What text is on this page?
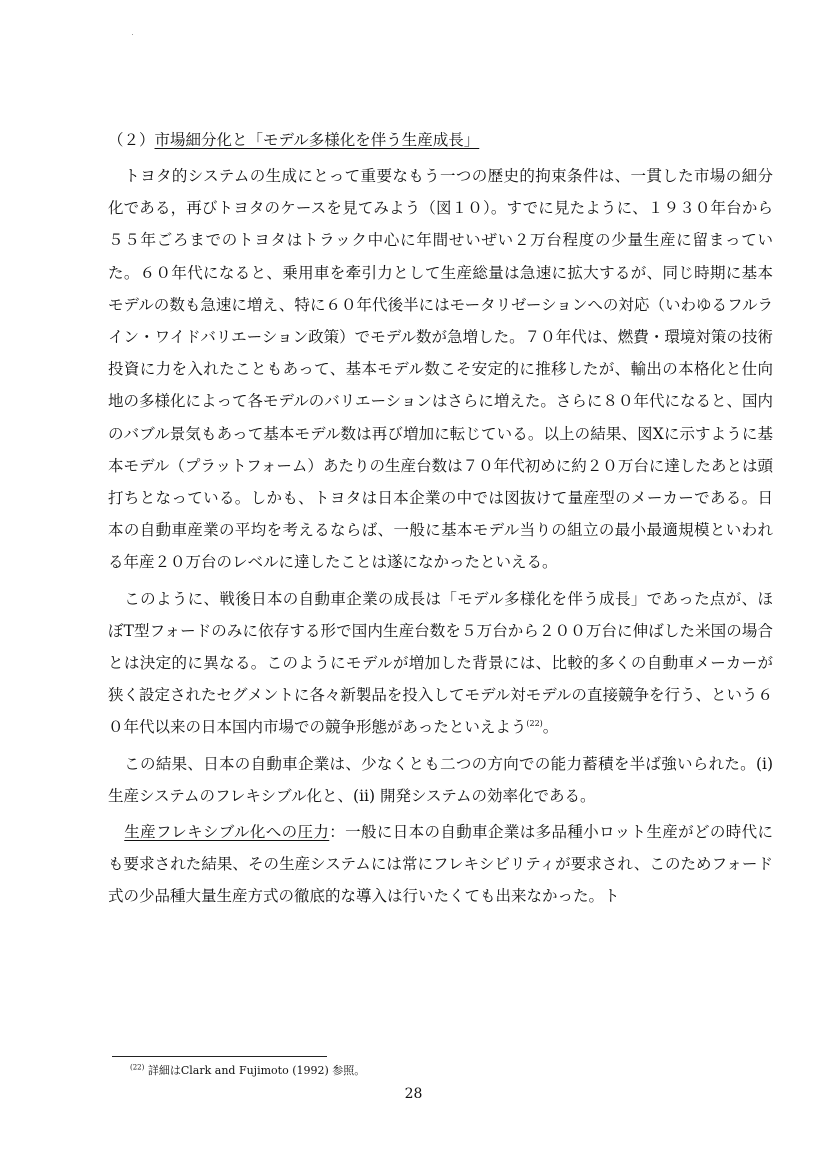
（２）市場細分化と「モデル多様化を伴う生産成長」

トヨタ的システムの生成にとって重要なもう一つの歴史的拘束条件は、一貫した市場の細分化である，再びトヨタのケースを見てみよう（図１０）。すでに見たように、１９３０年台から５５年ごろまでのトヨタはトラック中心に年間せいぜい２万台程度の少量生産に留まっていた。６０年代になると、乗用車を牽引力として生産総量は急速に拡大するが、同じ時期に基本モデルの数も急速に増え、特に６０年代後半にはモータリゼーションへの対応（いわゆるフルライン・ワイドバリエーション政策）でモデル数が急増した。７０年代は、燃費・環境対策の技術投資に力を入れたこともあって、基本モデル数こそ安定的に推移したが、輸出の本格化と仕向地の多様化によって各モデルのバリエーションはさらに増えた。さらに８０年代になると、国内のバブル景気もあって基本モデル数は再び増加に転じている。以上の結果、図Xに示すように基本モデル（プラットフォーム）あたりの生産台数は７０年代初めに約２０万台に達したあとは頭打ちとなっている。しかも、トヨタは日本企業の中では図抜けて量産型のメーカーである。日本の自動車産業の平均を考えるならば、一般に基本モデル当りの組立の最小最適規模といわれる年産２０万台のレベルに達したことは遂になかったといえる。

このように、戦後日本の自動車企業の成長は「モデル多様化を伴う成長」であった点が、ほぼT型フォードのみに依存する形で国内生産台数を５万台から２００万台に伸ばした米国の場合とは決定的に異なる。このようにモデルが増加した背景には、比較的多くの自動車メーカーが狭く設定されたセグメントに各々新製品を投入してモデル対モデルの直接競争を行う、という６０年代以来の日本国内市場での競争形態があったといえよう$^{(22)}$。

この結果、日本の自動車企業は、少なくとも二つの方向での能力蓄積を半ば強いられた。(i) 生産システムのフレキシブル化と、(ii) 開発システムの効率化である。

生産フレキシブル化への圧力：一般に日本の自動車企業は多品種小ロット生産がどの時代にも要求された結果、その生産システムには常にフレキシビリティが要求され、このためフォード式の少品種大量生産方式の徹底的な導入は行いたくても出来なかった。ト

$^{(22)}$ 詳細はClark and Fujimoto (1992) 参照。
28
